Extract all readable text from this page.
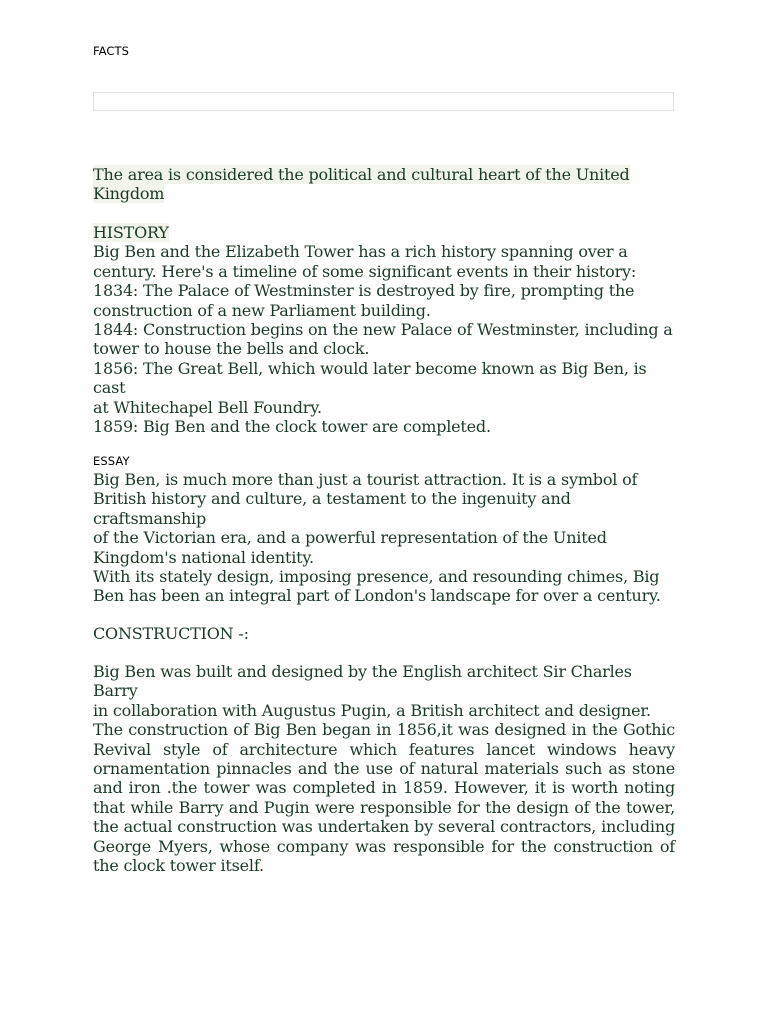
FACTS
The area is considered the political and cultural heart of the United
Kingdom
HISTORY
Big Ben and the Elizabeth Tower has a rich history spanning over a
century. Here's a timeline of some significant events in their history:
1834: The Palace of Westminster is destroyed by fire, prompting the
construction of a new Parliament building.
1844: Construction begins on the new Palace of Westminster, including a
tower to house the bells and clock.
1856: The Great Bell, which would later become known as Big Ben, is cast
at Whitechapel Bell Foundry.
1859: Big Ben and the clock tower are completed.
ESSAY
Big Ben, is much more than just a tourist attraction. It is a symbol of
British history and culture, a testament to the ingenuity and craftsmanship
of the Victorian era, and a powerful representation of the United
Kingdom's national identity.
With its stately design, imposing presence, and resounding chimes, Big
Ben has been an integral part of London's landscape for over a century.
CONSTRUCTION -:
Big Ben was built and designed by the English architect Sir Charles Barry
in collaboration with Augustus Pugin, a British architect and designer.

The construction of Big Ben began in 1856,it was designed in the Gothic Revival style of architecture which features lancet windows heavy ornamentation pinnacles and the use of natural materials such as stone and iron .the tower was completed in 1859. However, it is worth noting that while Barry and Pugin were responsible for the design of the tower, the actual construction was undertaken by several contractors, including George Myers, whose company was responsible for the construction of the clock tower itself.
